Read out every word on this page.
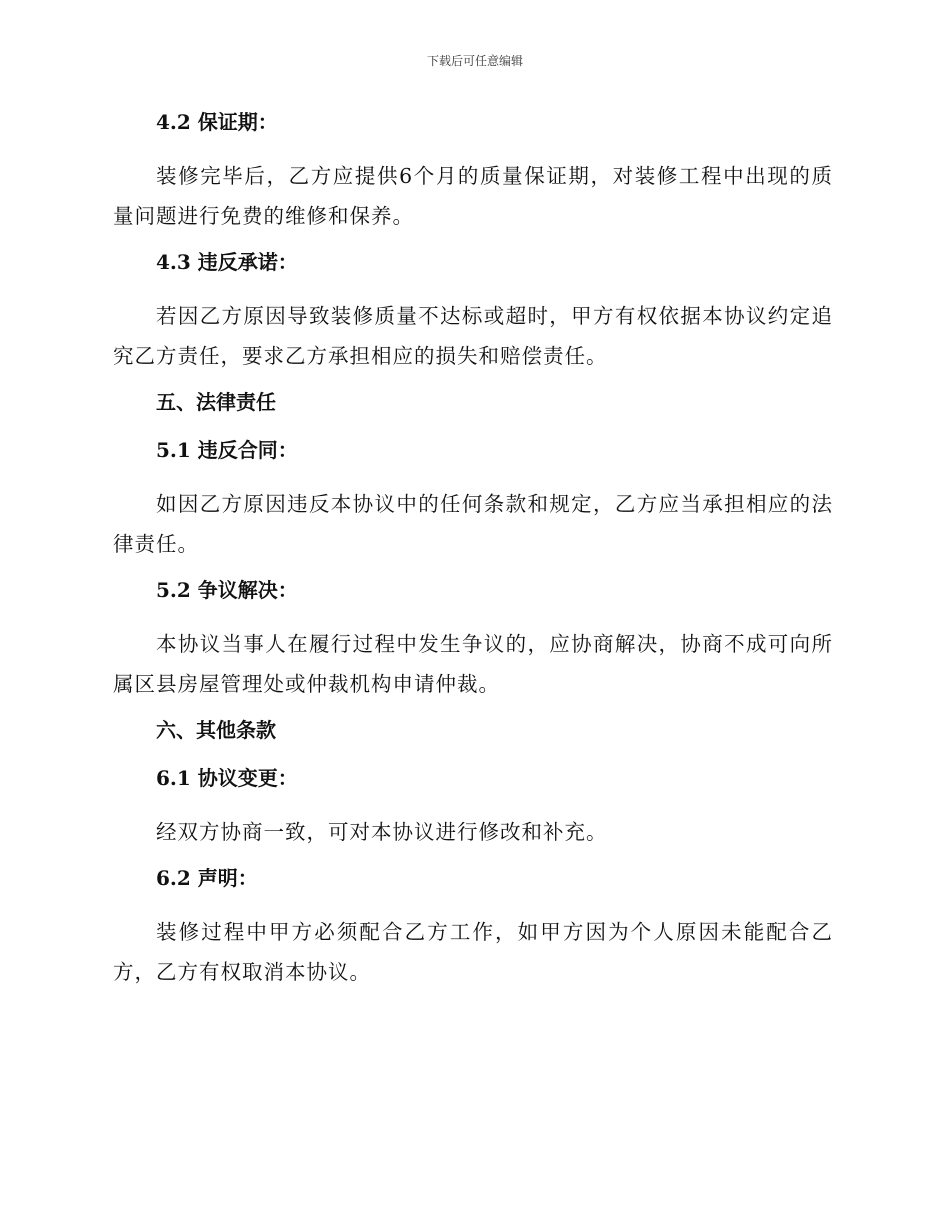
下载后可任意编辑
4.2 保证期：
装修完毕后，乙方应提供6个月的质量保证期，对装修工程中出现的质量问题进行免费的维修和保养。
4.3 违反承诺：
若因乙方原因导致装修质量不达标或超时，甲方有权依据本协议约定追究乙方责任，要求乙方承担相应的损失和赔偿责任。
五、法律责任
5.1 违反合同：
如因乙方原因违反本协议中的任何条款和规定，乙方应当承担相应的法律责任。
5.2 争议解决：
本协议当事人在履行过程中发生争议的，应协商解决，协商不成可向所属区县房屋管理处或仲裁机构申请仲裁。
六、其他条款
6.1 协议变更：
经双方协商一致，可对本协议进行修改和补充。
6.2 声明：
装修过程中甲方必须配合乙方工作，如甲方因为个人原因未能配合乙方，乙方有权取消本协议。
